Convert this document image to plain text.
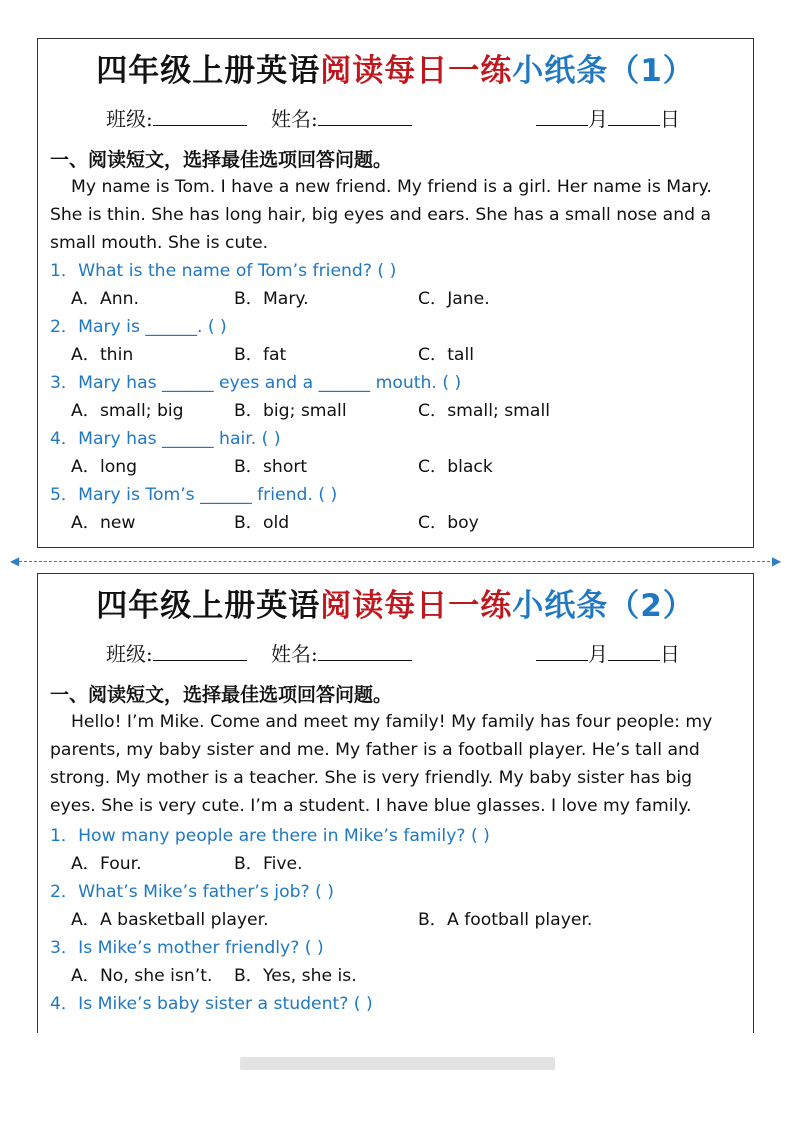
四年级上册英语阅读每日一练小纸条（1）
班级:	姓名:	月	日
一、阅读短文，选择最佳选项回答问题。
My name is Tom. I have a new friend. My friend is a girl. Her name is Mary. She is thin. She has long hair, big eyes and ears. She has a small nose and a small mouth. She is cute.
1．What is the name of Tom’s friend? ( )
A．Ann.	B．Mary.	C．Jane.
2．Mary is ______. ( )
A．thin	B．fat	C．tall
3．Mary has ______ eyes and a ______ mouth. ( )
A．small; big	B．big; small	C．small; small
4．Mary has ______ hair. ( )
A．long	B．short	C．black
5．Mary is Tom’s ______ friend. ( )
A．new	B．old	C．boy
◀	▶
四年级上册英语阅读每日一练小纸条（2）
班级:	姓名:	月	日
一、阅读短文，选择最佳选项回答问题。
Hello! I’m Mike. Come and meet my family! My family has four people: my parents, my baby sister and me. My father is a football player. He’s tall and strong. My mother is a teacher. She is very friendly. My baby sister has big eyes. She is very cute. I’m a student. I have blue glasses. I love my family.
1．How many people are there in Mike’s family? ( )
A．Four.	B．Five.
2．What’s Mike’s father’s job? ( )
A．A basketball player.	B．A football player.
3．Is Mike’s mother friendly? ( )
A．No, she isn’t. B．Yes, she is.
4．Is Mike’s baby sister a student? ( )
